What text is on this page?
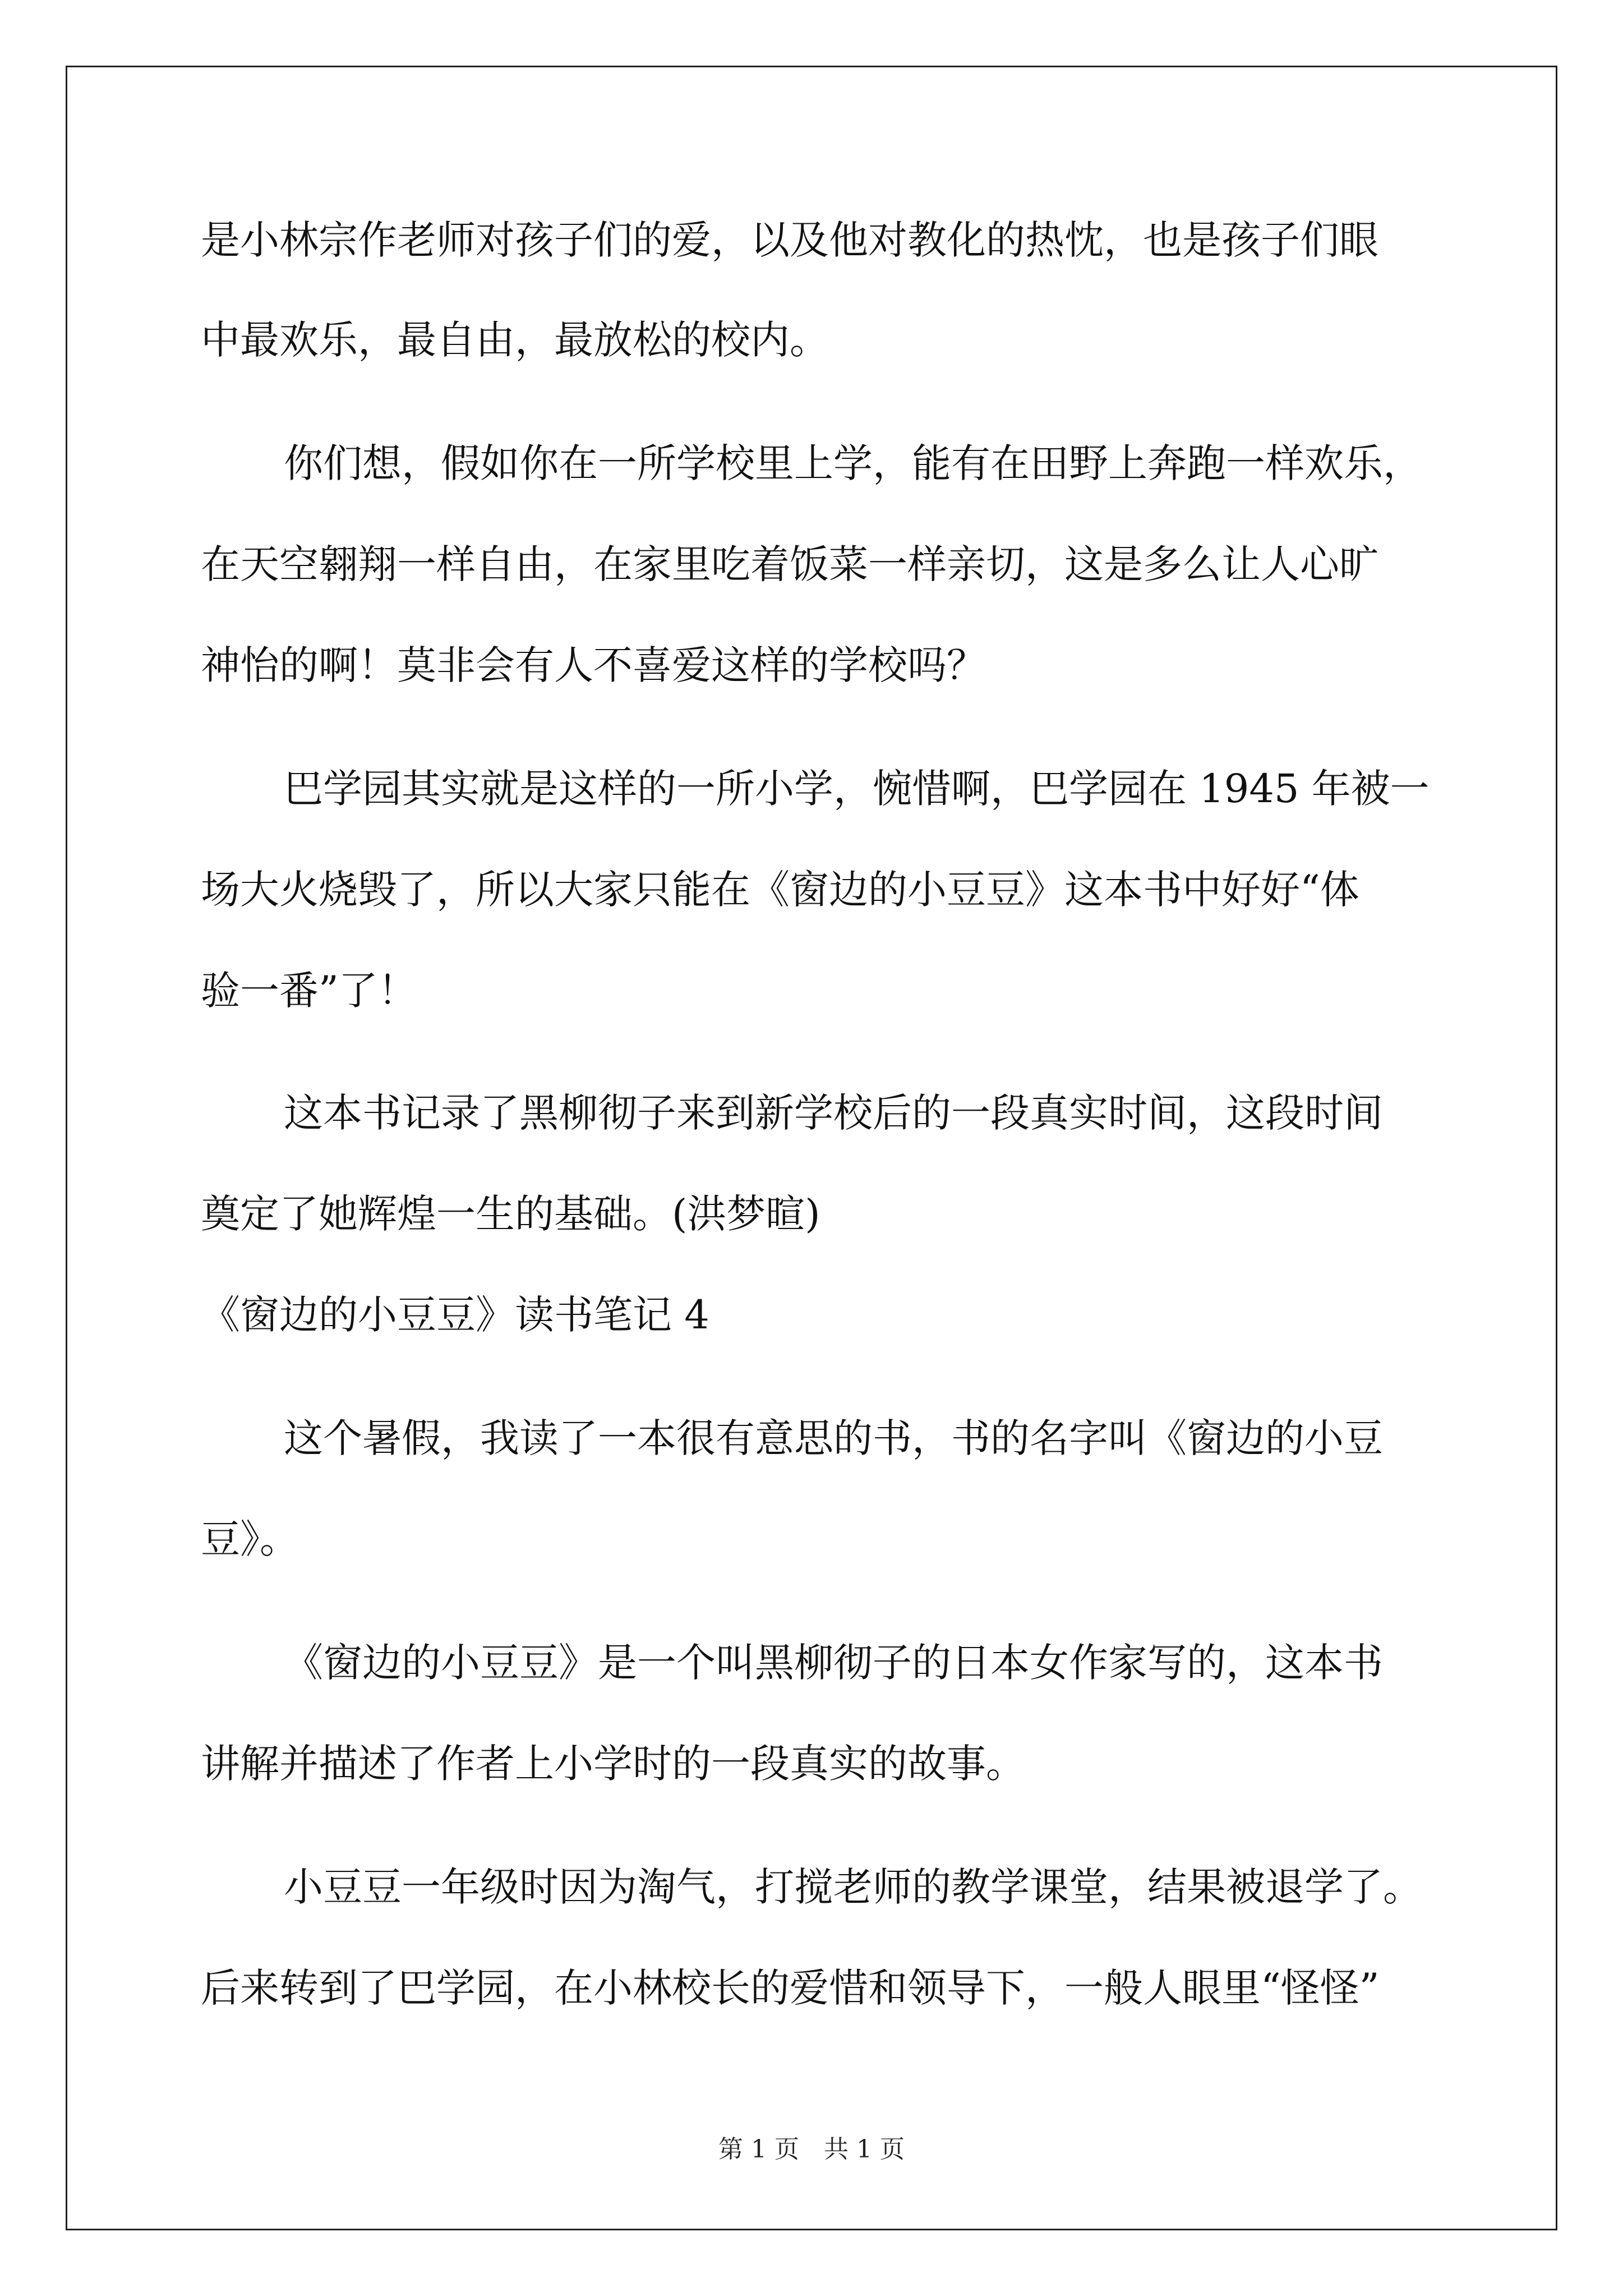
是小林宗作老师对孩子们的爱，以及他对教化的热忱，也是孩子们眼
中最欢乐，最自由，最放松的校内。
你们想，假如你在一所学校里上学，能有在田野上奔跑一样欢乐，
在天空翱翔一样自由，在家里吃着饭菜一样亲切，这是多么让人心旷
神怡的啊！莫非会有人不喜爱这样的学校吗？
巴学园其实就是这样的一所小学，惋惜啊，巴学园在 1945 年被一
场大火烧毁了，所以大家只能在《窗边的小豆豆》这本书中好好“体
验一番”了！
这本书记录了黑柳彻子来到新学校后的一段真实时间，这段时间
奠定了她辉煌一生的基础。(洪梦暄)
《窗边的小豆豆》读书笔记 4
这个暑假，我读了一本很有意思的书，书的名字叫《窗边的小豆
豆》。
《窗边的小豆豆》是一个叫黑柳彻子的日本女作家写的，这本书
讲解并描述了作者上小学时的一段真实的故事。
小豆豆一年级时因为淘气，打搅老师的教学课堂，结果被退学了。
后来转到了巴学园，在小林校长的爱惜和领导下，一般人眼里“怪怪”
第 1 页　共 1 页
